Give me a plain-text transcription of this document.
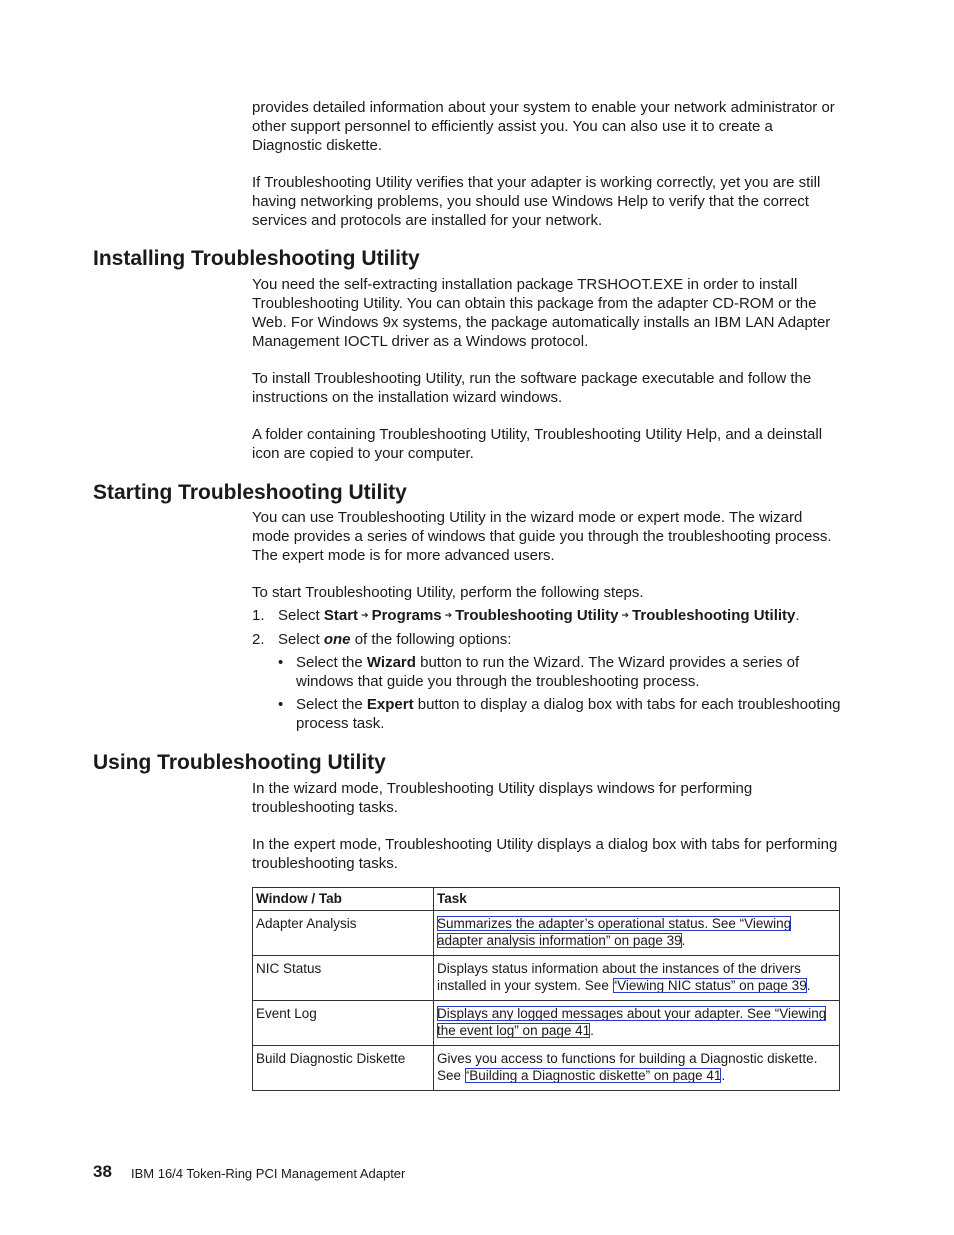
provides detailed information about your system to enable your network administrator or other support personnel to efficiently assist you. You can also use it to create a Diagnostic diskette.

If Troubleshooting Utility verifies that your adapter is working correctly, yet you are still having networking problems, you should use Windows Help to verify that the correct services and protocols are installed for your network.

Installing Troubleshooting Utility

You need the self-extracting installation package TRSHOOT.EXE in order to install Troubleshooting Utility. You can obtain this package from the adapter CD-ROM or the Web. For Windows 9x systems, the package automatically installs an IBM LAN Adapter Management IOCTL driver as a Windows protocol.

To install Troubleshooting Utility, run the software package executable and follow the instructions on the installation wizard windows.

A folder containing Troubleshooting Utility, Troubleshooting Utility Help, and a deinstall icon are copied to your computer.

Starting Troubleshooting Utility

You can use Troubleshooting Utility in the wizard mode or expert mode. The wizard mode provides a series of windows that guide you through the troubleshooting process. The expert mode is for more advanced users.

To start Troubleshooting Utility, perform the following steps.

1. Select Start ➔ Programs ➔ Troubleshooting Utility ➔ Troubleshooting Utility.
2. Select one of the following options:
• Select the Wizard button to run the Wizard. The Wizard provides a series of windows that guide you through the troubleshooting process.
• Select the Expert button to display a dialog box with tabs for each troubleshooting process task.
Using Troubleshooting Utility

In the wizard mode, Troubleshooting Utility displays windows for performing troubleshooting tasks.

In the expert mode, Troubleshooting Utility displays a dialog box with tabs for performing troubleshooting tasks.

Window / Tab	Task
Adapter Analysis	Summarizes the adapter’s operational status. See “Viewing adapter analysis information” on page 39.
NIC Status	Displays status information about the instances of the drivers installed in your system. See “Viewing NIC status” on page 39.
Event Log	Displays any logged messages about your adapter. See “Viewing the event log” on page 41.
Build Diagnostic Diskette	Gives you access to functions for building a Diagnostic diskette. See “Building a Diagnostic diskette” on page 41.
38 IBM 16/4 Token-Ring PCI Management Adapter
